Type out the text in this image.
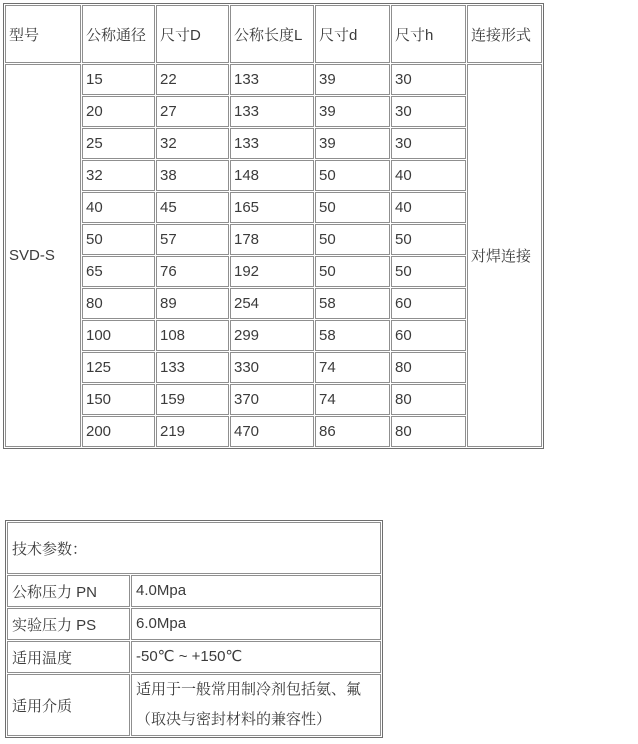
型号	公称通径	尺寸D	公称长度L	尺寸d	尺寸h	连接形式
SVD-S	15	22	133	39	30	对焊连接
	20	27	133	39	30	
	25	32	133	39	30	
	32	38	148	50	40	
	40	45	165	50	40	
	50	57	178	50	50	
	65	76	192	50	50	
	80	89	254	58	60	
	100	108	299	58	60	
	125	133	330	74	80	
	150	159	370	74	80	
	200	219	470	86	80	
技术参数：	
公称压力 PN	4.0Mpa
实验压力 PS	6.0Mpa
适用温度	-50℃ ~ +150℃
适用介质	适用于一般常用制冷剂包括氨、氟（取决与密封材料的兼容性）
